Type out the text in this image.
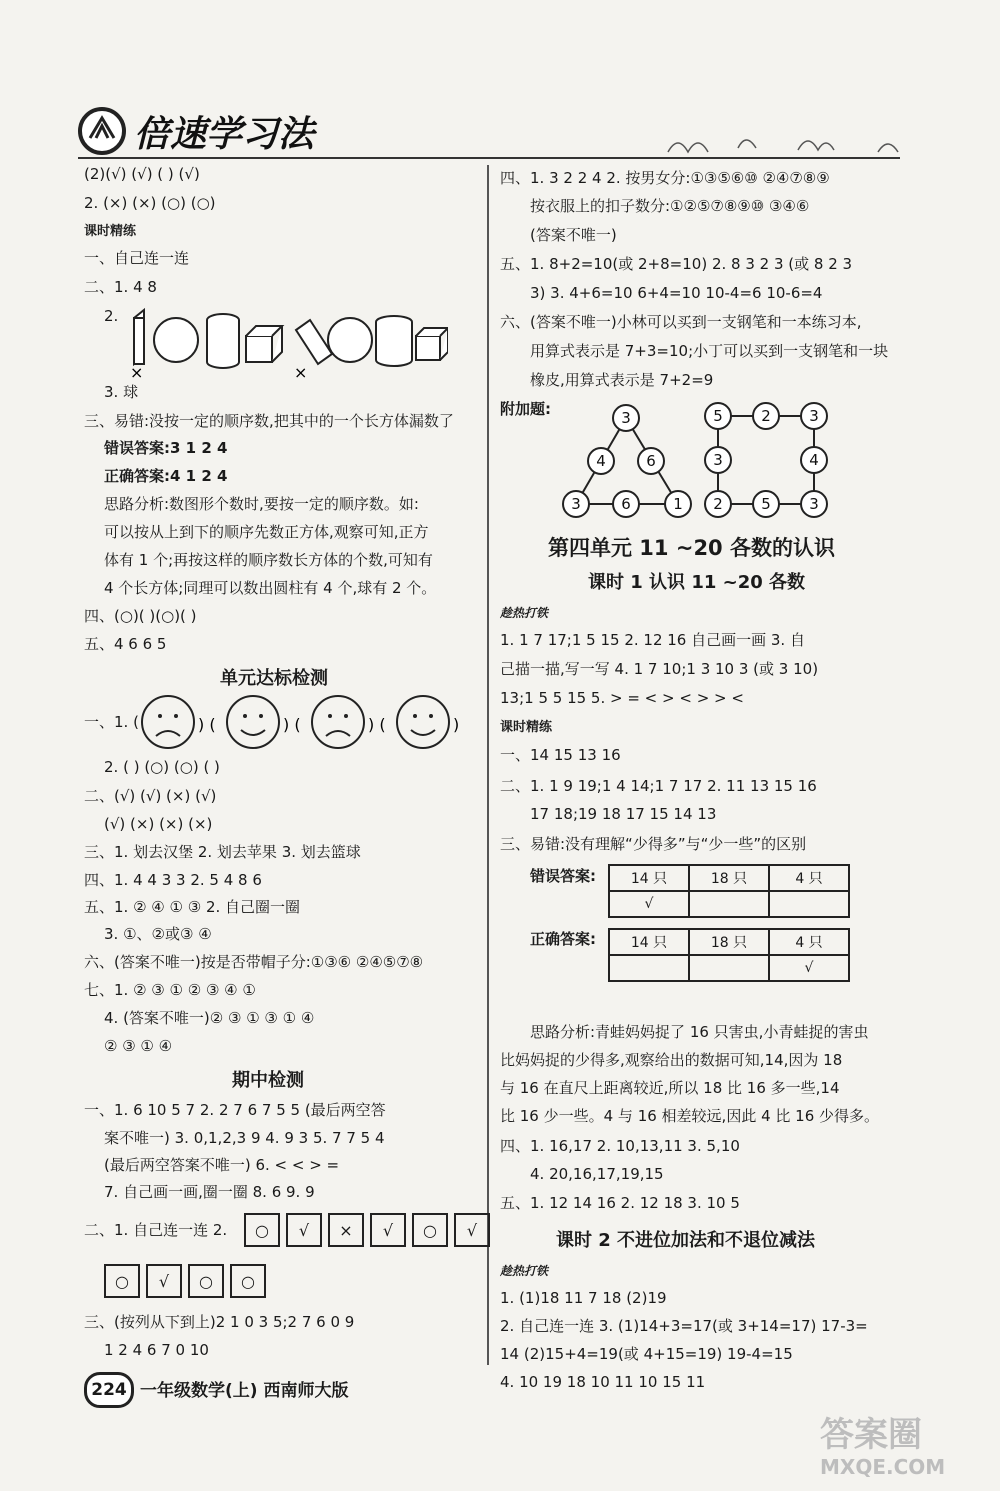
倍速学习法
(2)(√) (√) ( ) (√)
2. (×) (×) (○) (○)
课时精练
一、自己连一连
二、1. 4 8
2.
×	×
3. 球
三、易错:没按一定的顺序数,把其中的一个长方体漏数了
错误答案:3 1 2 4
正确答案:4 1 2 4
思路分析:数图形个数时,要按一定的顺序数。如:
可以按从上到下的顺序先数正方体,观察可知,正方
体有 1 个;再按这样的顺序数长方体的个数,可知有
4 个长方体;同理可以数出圆柱有 4 个,球有 2 个。
四、(○)( )(○)( )
五、4 6 6 5
单元达标检测
一、1. (	) (	) (	) (	)
2. ( ) (○) (○) ( )
二、(√) (√) (×) (√)
(√) (×) (×) (×)
三、1. 划去汉堡 2. 划去苹果 3. 划去篮球
四、1. 4 4 3 3 2. 5 4 8 6
五、1. ② ④ ① ③ 2. 自己圈一圈
3. ①、②或③ ④
六、(答案不唯一)按是否带帽子分:①③⑥ ②④⑤⑦⑧
七、1. ② ③ ① ② ③ ④ ①
4. (答案不唯一)② ③ ① ③ ① ④
② ③ ① ④
期中检测
一、1. 6 10 5 7 2. 2 7 6 7 5 5 (最后两空答
案不唯一) 3. 0,1,2,3 9 4. 9 3 5. 7 7 5 4
(最后两空答案不唯一) 6. < < > =
7. 自己画一画,圈一圈 8. 6 9. 9
二、1. 自己连一连 2.	○	√	×	√	○	√
○	√	○	○
三、(按列从下到上)2 1 0 3 5;2 7 6 0 9
1 2 4 6 7 0 10
四、1. 3 2 2 4 2. 按男女分:①③⑤⑥⑩ ②④⑦⑧⑨
按衣服上的扣子数分:①②⑤⑦⑧⑨⑩ ③④⑥
(答案不唯一)
五、1. 8+2=10(或 2+8=10) 2. 8 3 2 3 (或 8 2 3
3) 3. 4+6=10 6+4=10 10-4=6 10-6=4
六、(答案不唯一)小林可以买到一支钢笔和一本练习本,
用算式表示是 7+3=10;小丁可以买到一支钢笔和一块
橡皮,用算式表示是 7+2=9
附加题:	3
4	6
3	6	1
5	2	3
3	4
2	5	3
第四单元 11 ~20 各数的认识
课时 1 认识 11 ~20 各数
趁热打铁
1. 1 7 17;1 5 15 2. 12 16 自己画一画 3. 自
己描一描,写一写 4. 1 7 10;1 3 10 3 (或 3 10)
13;1 5 5 15 5. > = < > < > > <
课时精练
一、14 15 13 16
二、1. 1 9 19;1 4 14;1 7 17 2. 11 13 15 16
17 18;19 18 17 15 14 13
三、易错:没有理解“少得多”与“少一些”的区别
错误答案: 14 只	18 只	4 只
√		
正确答案: 14 只	18 只	4 只
		√
思路分析:青蛙妈妈捉了 16 只害虫,小青蛙捉的害虫
比妈妈捉的少得多,观察给出的数据可知,14,因为 18
与 16 在直尺上距离较近,所以 18 比 16 多一些,14
比 16 少一些。4 与 16 相差较远,因此 4 比 16 少得多。
四、1. 16,17 2. 10,13,11 3. 5,10
4. 20,16,17,19,15
五、1. 12 14 16 2. 12 18 3. 10 5
课时 2 不进位加法和不退位减法
趁热打铁
1. (1)18 11 7 18 (2)19
2. 自己连一连 3. (1)14+3=17(或 3+14=17) 17-3=
14 (2)15+4=19(或 4+15=19) 19-4=15
4. 10 19 18 10 11 10 15 11
224 一年级数学(上) 西南师大版
答案圈
MXQE.COM
